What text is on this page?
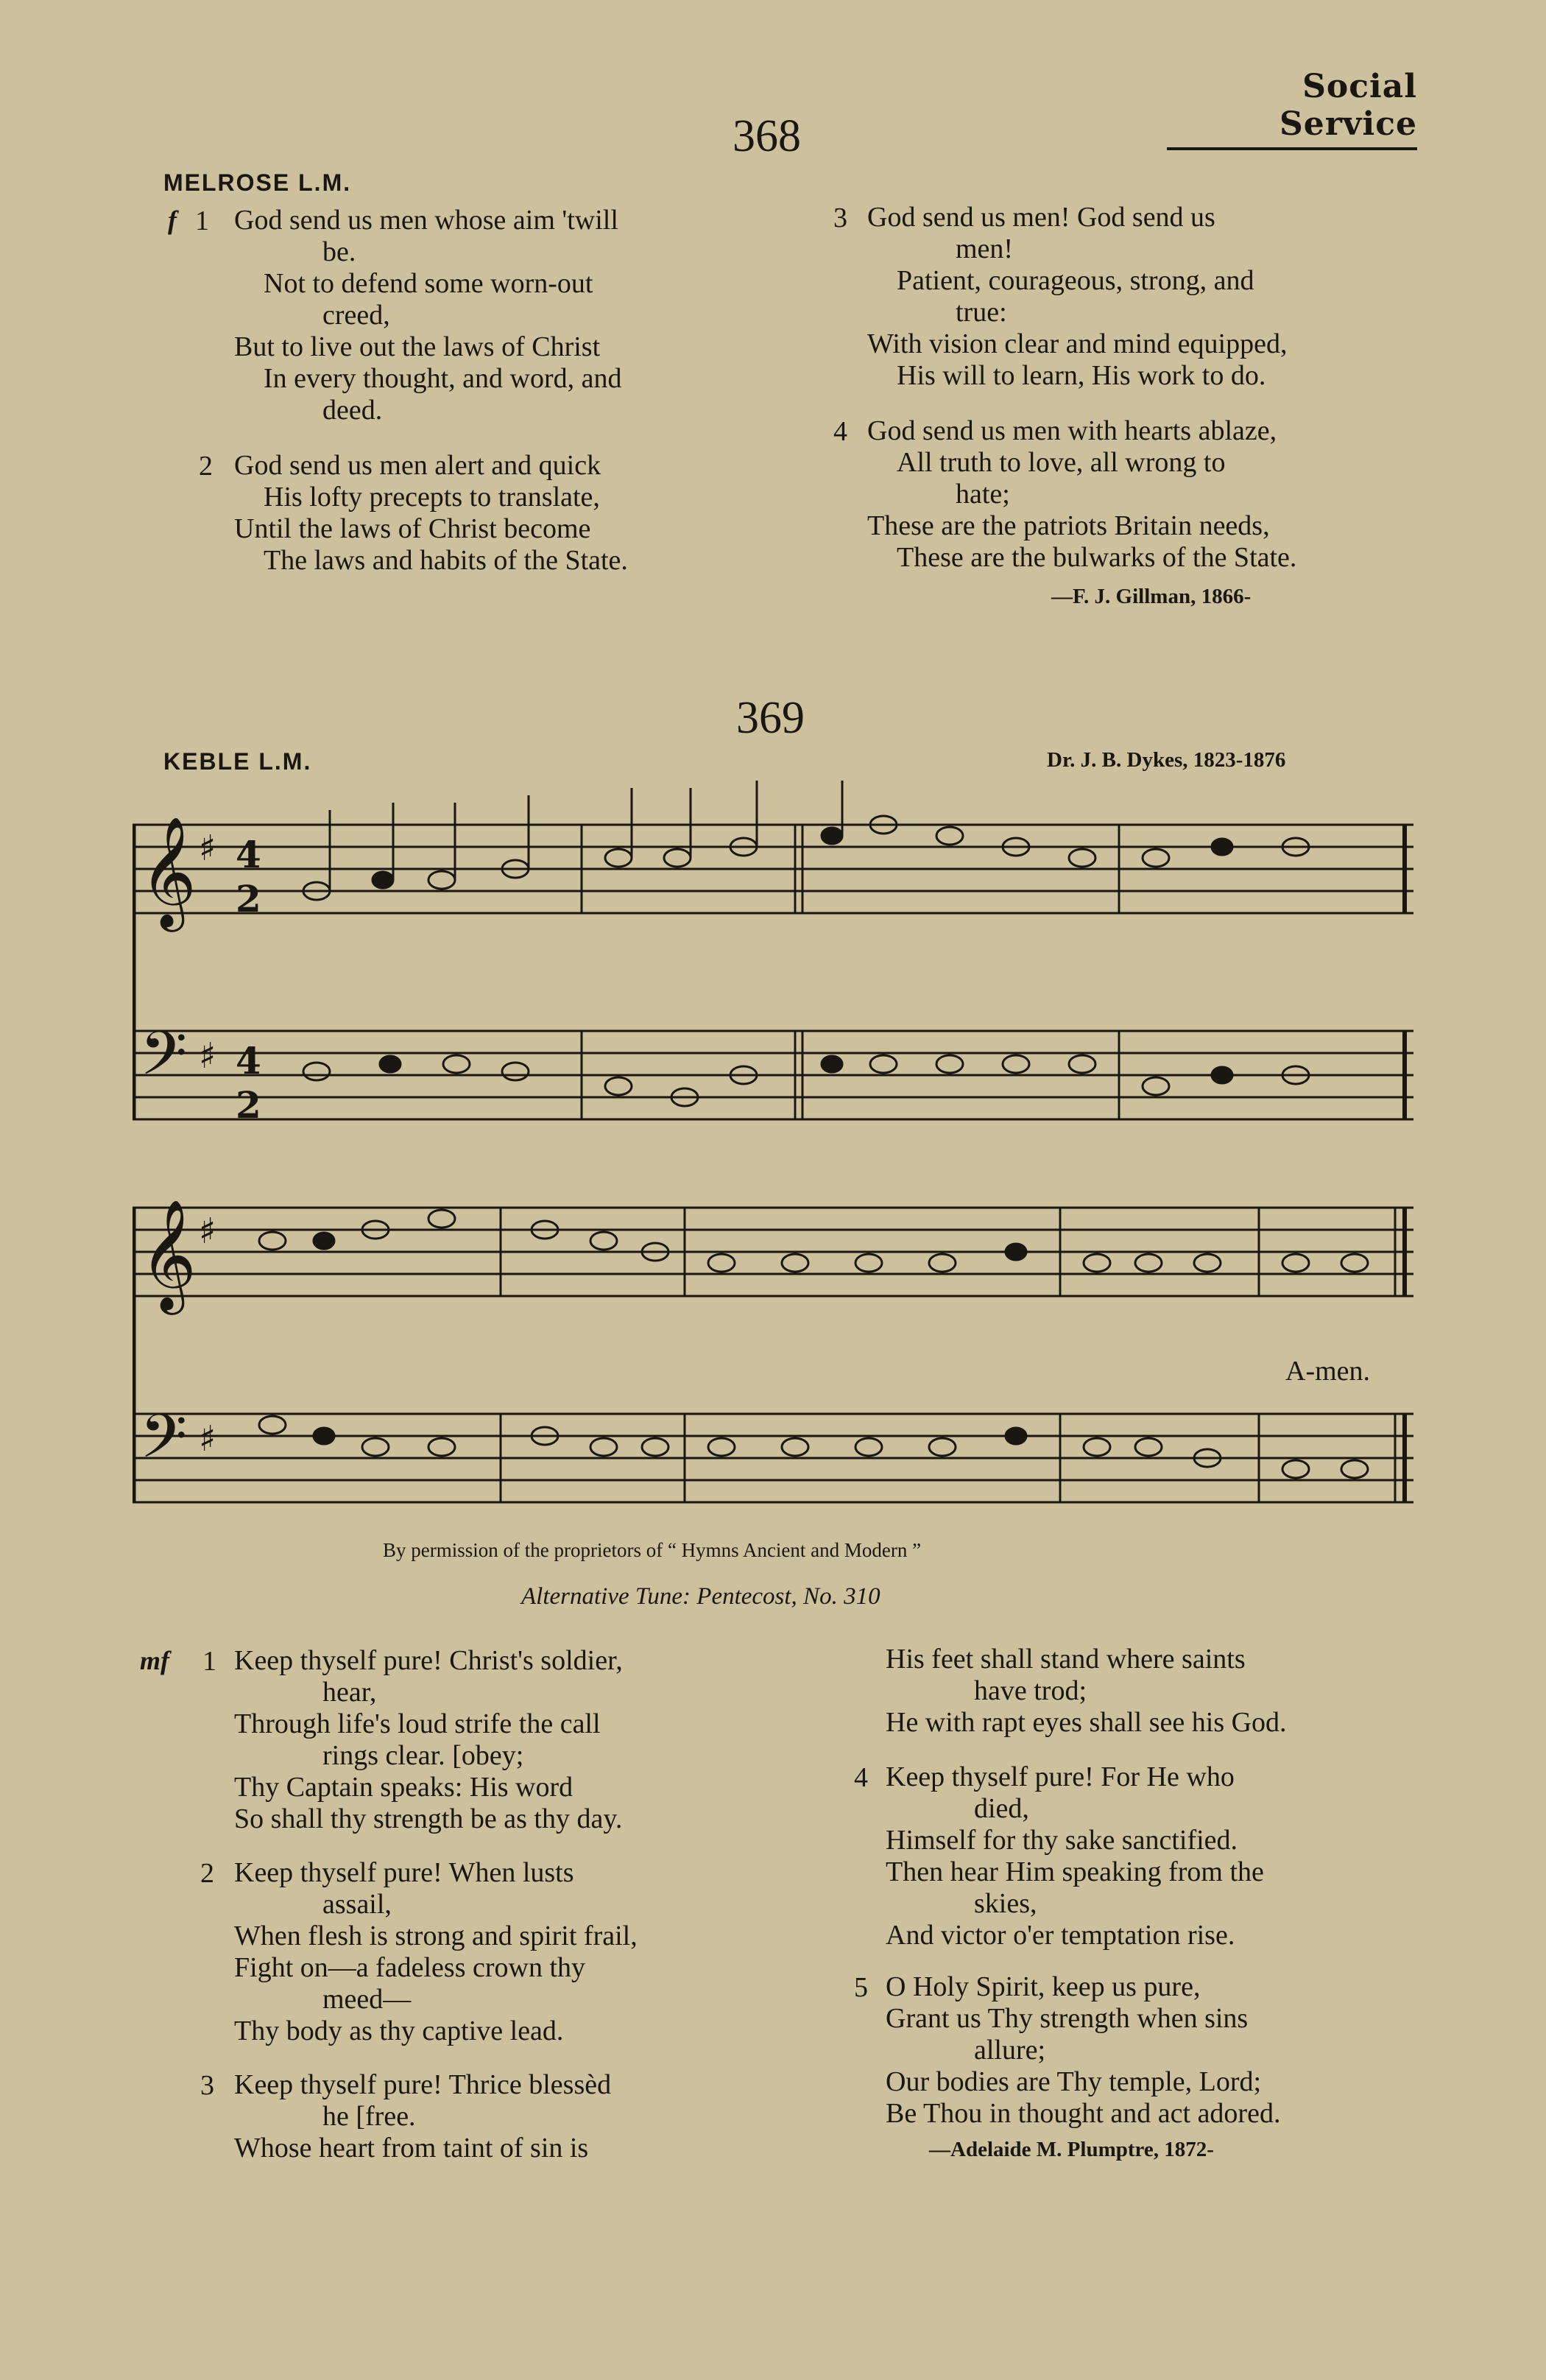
Social Service
368
MELROSE L.M.
f 1 God send us men whose aim 'twill
be.
Not to defend some worn-out
creed,
But to live out the laws of Christ
In every thought, and word, and
deed.
2 God send us men alert and quick
His lofty precepts to translate,
Until the laws of Christ become
The laws and habits of the State.
3 God send us men! God send us
men!
Patient, courageous, strong, and
true:
With vision clear and mind equipped,
His will to learn, His work to do.
4 God send us men with hearts ablaze,
All truth to love, all wrong to
hate;
These are the patriots Britain needs,
These are the bulwarks of the State.
—F. J. Gillman, 1866-
369
KEBLE L.M.	Dr. J. B. Dykes, 1823-1876
𝄞
𝄢
♯
♯
4
2
4
2
𝄞
𝄢
♯
♯
A-men.
By permission of the proprietors of “ Hymns Ancient and Modern ”
Alternative Tune: Pentecost, No. 310
mf 1 Keep thyself pure! Christ's soldier,
hear,
Through life's loud strife the call
rings clear. [obey;
Thy Captain speaks: His word
So shall thy strength be as thy day.
2 Keep thyself pure! When lusts
assail,
When flesh is strong and spirit frail,
Fight on—a fadeless crown thy
meed—
Thy body as thy captive lead.
3 Keep thyself pure! Thrice blessèd
he [free.
Whose heart from taint of sin is
His feet shall stand where saints
have trod;
He with rapt eyes shall see his God.
4 Keep thyself pure! For He who
died,
Himself for thy sake sanctified.
Then hear Him speaking from the
skies,
And victor o'er temptation rise.
5 O Holy Spirit, keep us pure,
Grant us Thy strength when sins
allure;
Our bodies are Thy temple, Lord;
Be Thou in thought and act adored.
—Adelaide M. Plumptre, 1872-
